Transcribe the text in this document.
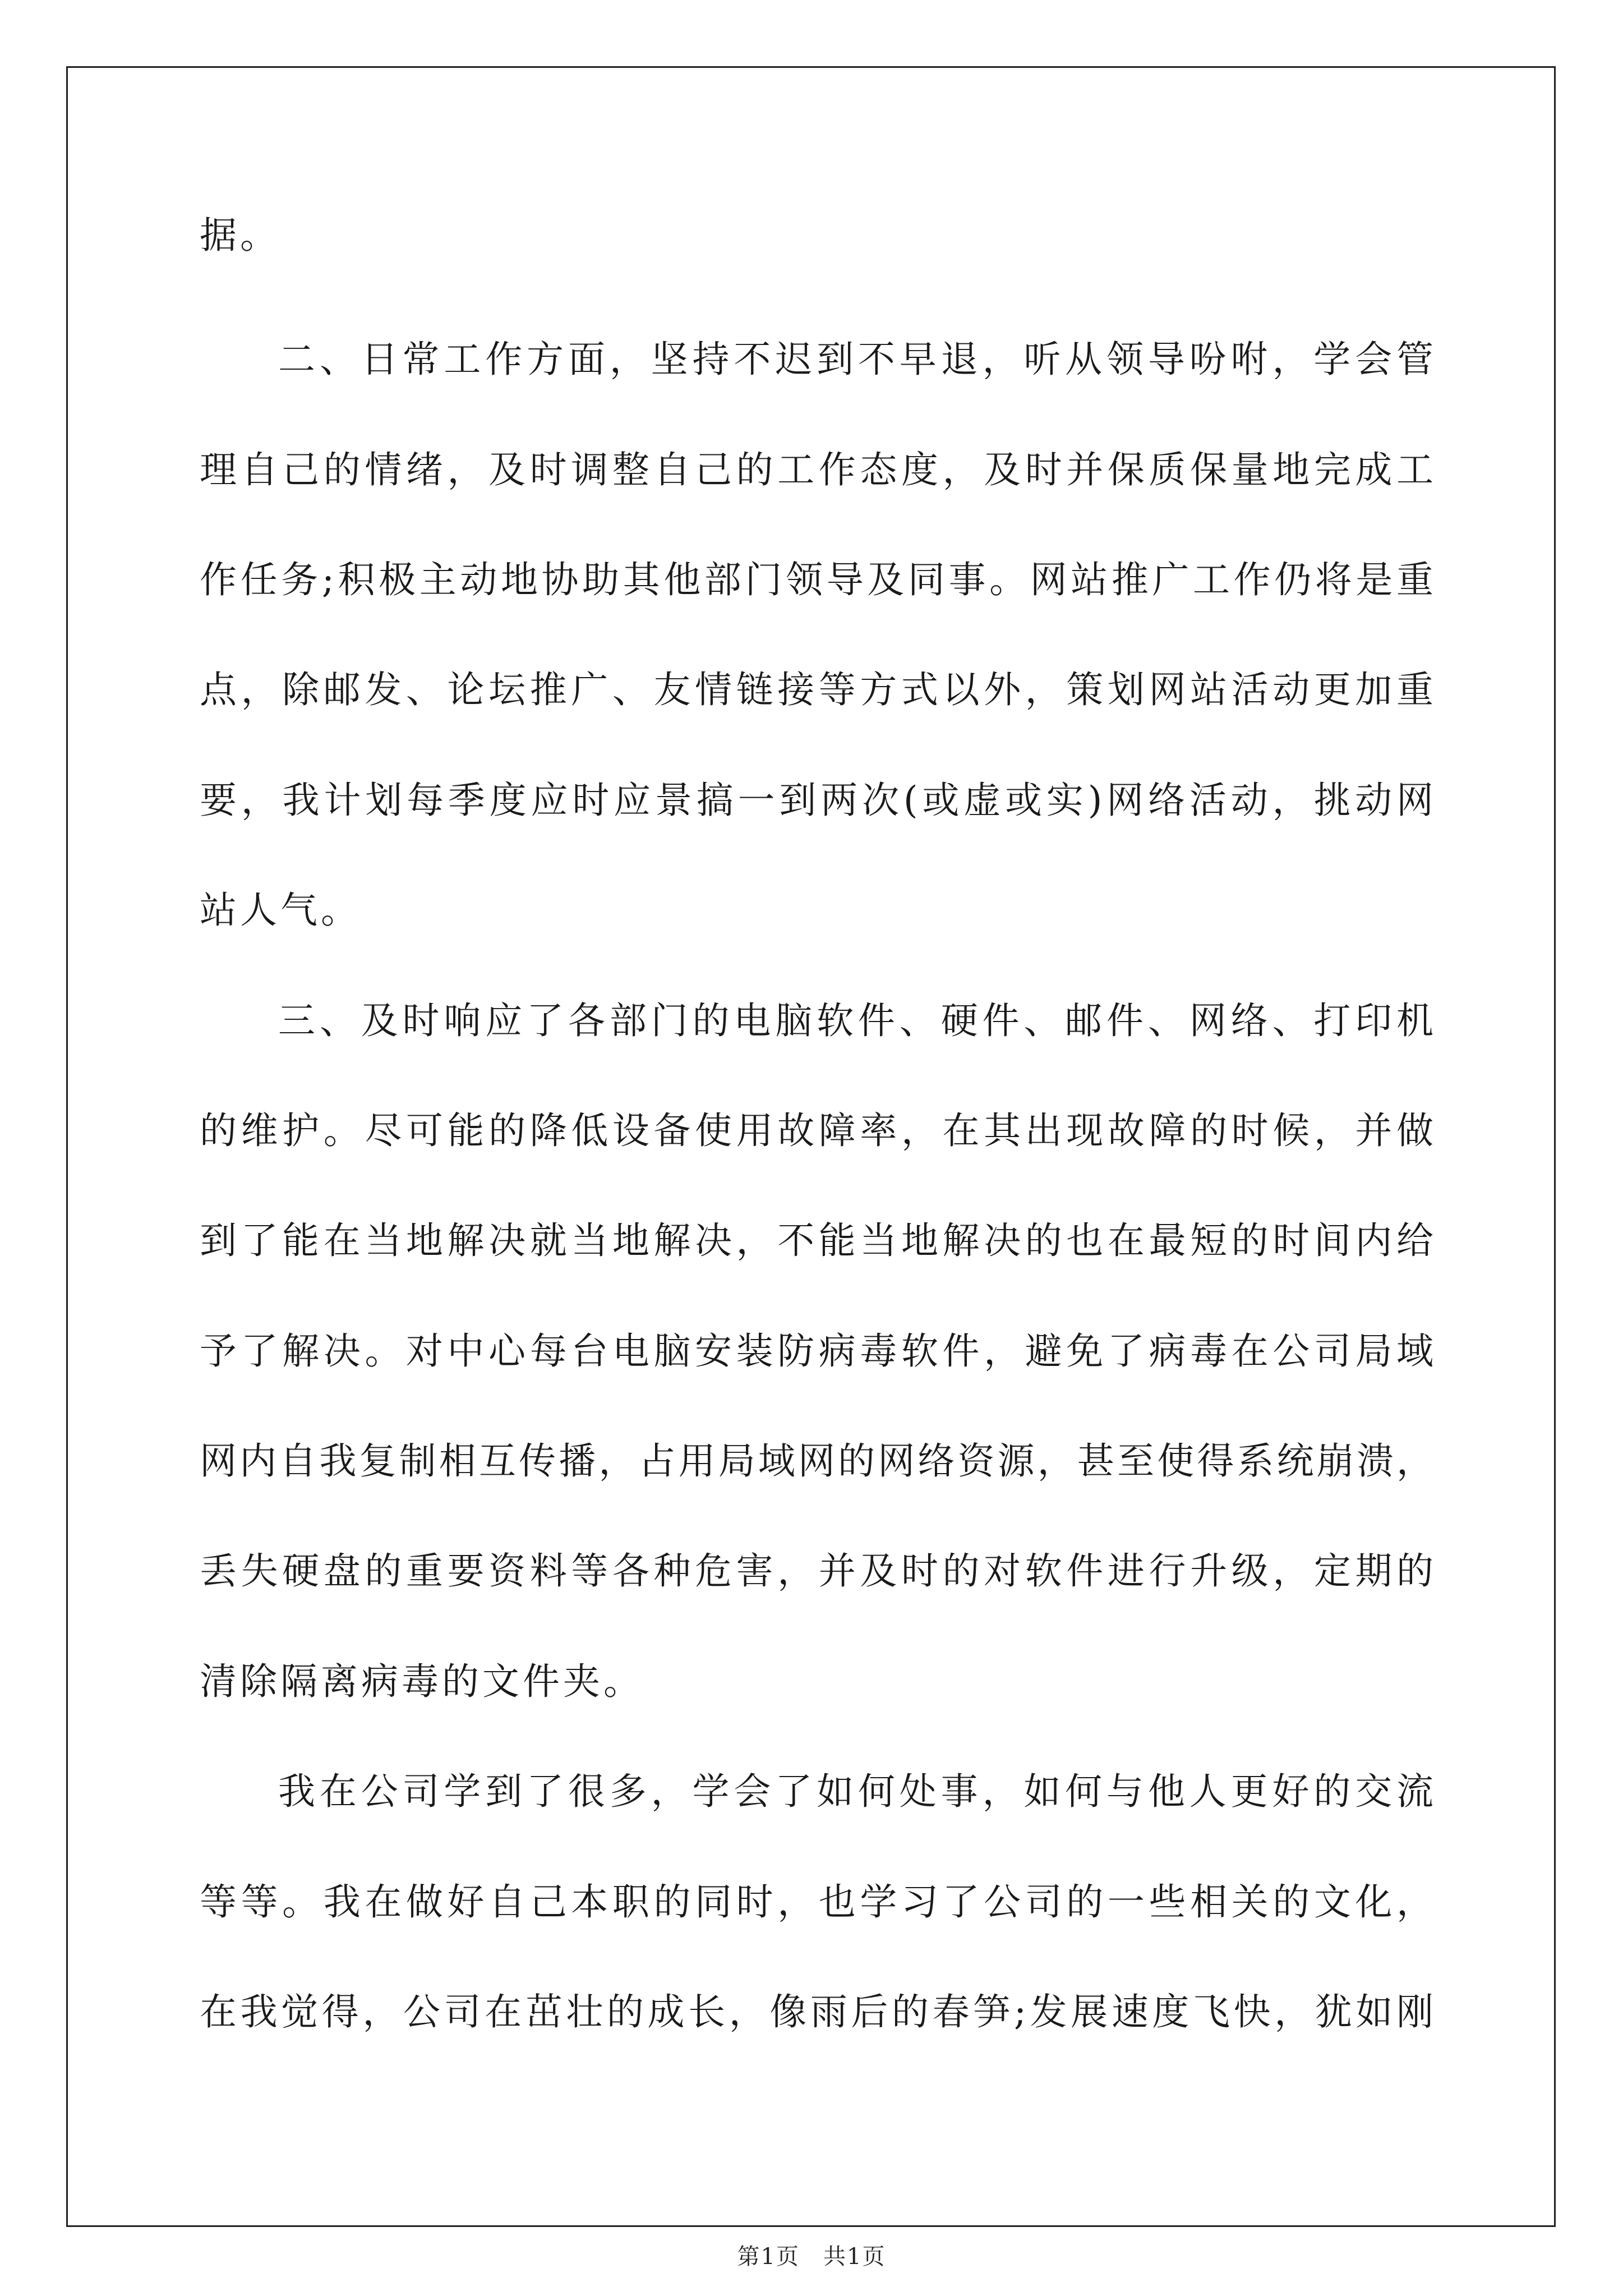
据。
二、日常工作方面，坚持不迟到不早退，听从领导吩咐，学会管
理自己的情绪，及时调整自己的工作态度，及时并保质保量地完成工
作任务;积极主动地协助其他部门领导及同事。网站推广工作仍将是重
点，除邮发、论坛推广、友情链接等方式以外，策划网站活动更加重
要，我计划每季度应时应景搞一到两次(或虚或实)网络活动，挑动网
站人气。
三、及时响应了各部门的电脑软件、硬件、邮件、网络、打印机
的维护。尽可能的降低设备使用故障率，在其出现故障的时候，并做
到了能在当地解决就当地解决，不能当地解决的也在最短的时间内给
予了解决。对中心每台电脑安装防病毒软件，避免了病毒在公司局域
网内自我复制相互传播，占用局域网的网络资源，甚至使得系统崩溃，
丢失硬盘的重要资料等各种危害，并及时的对软件进行升级，定期的
清除隔离病毒的文件夹。
我在公司学到了很多，学会了如何处事，如何与他人更好的交流
等等。我在做好自己本职的同时，也学习了公司的一些相关的文化，
在我觉得，公司在茁壮的成长，像雨后的春笋;发展速度飞快，犹如刚
第1页　共1页
